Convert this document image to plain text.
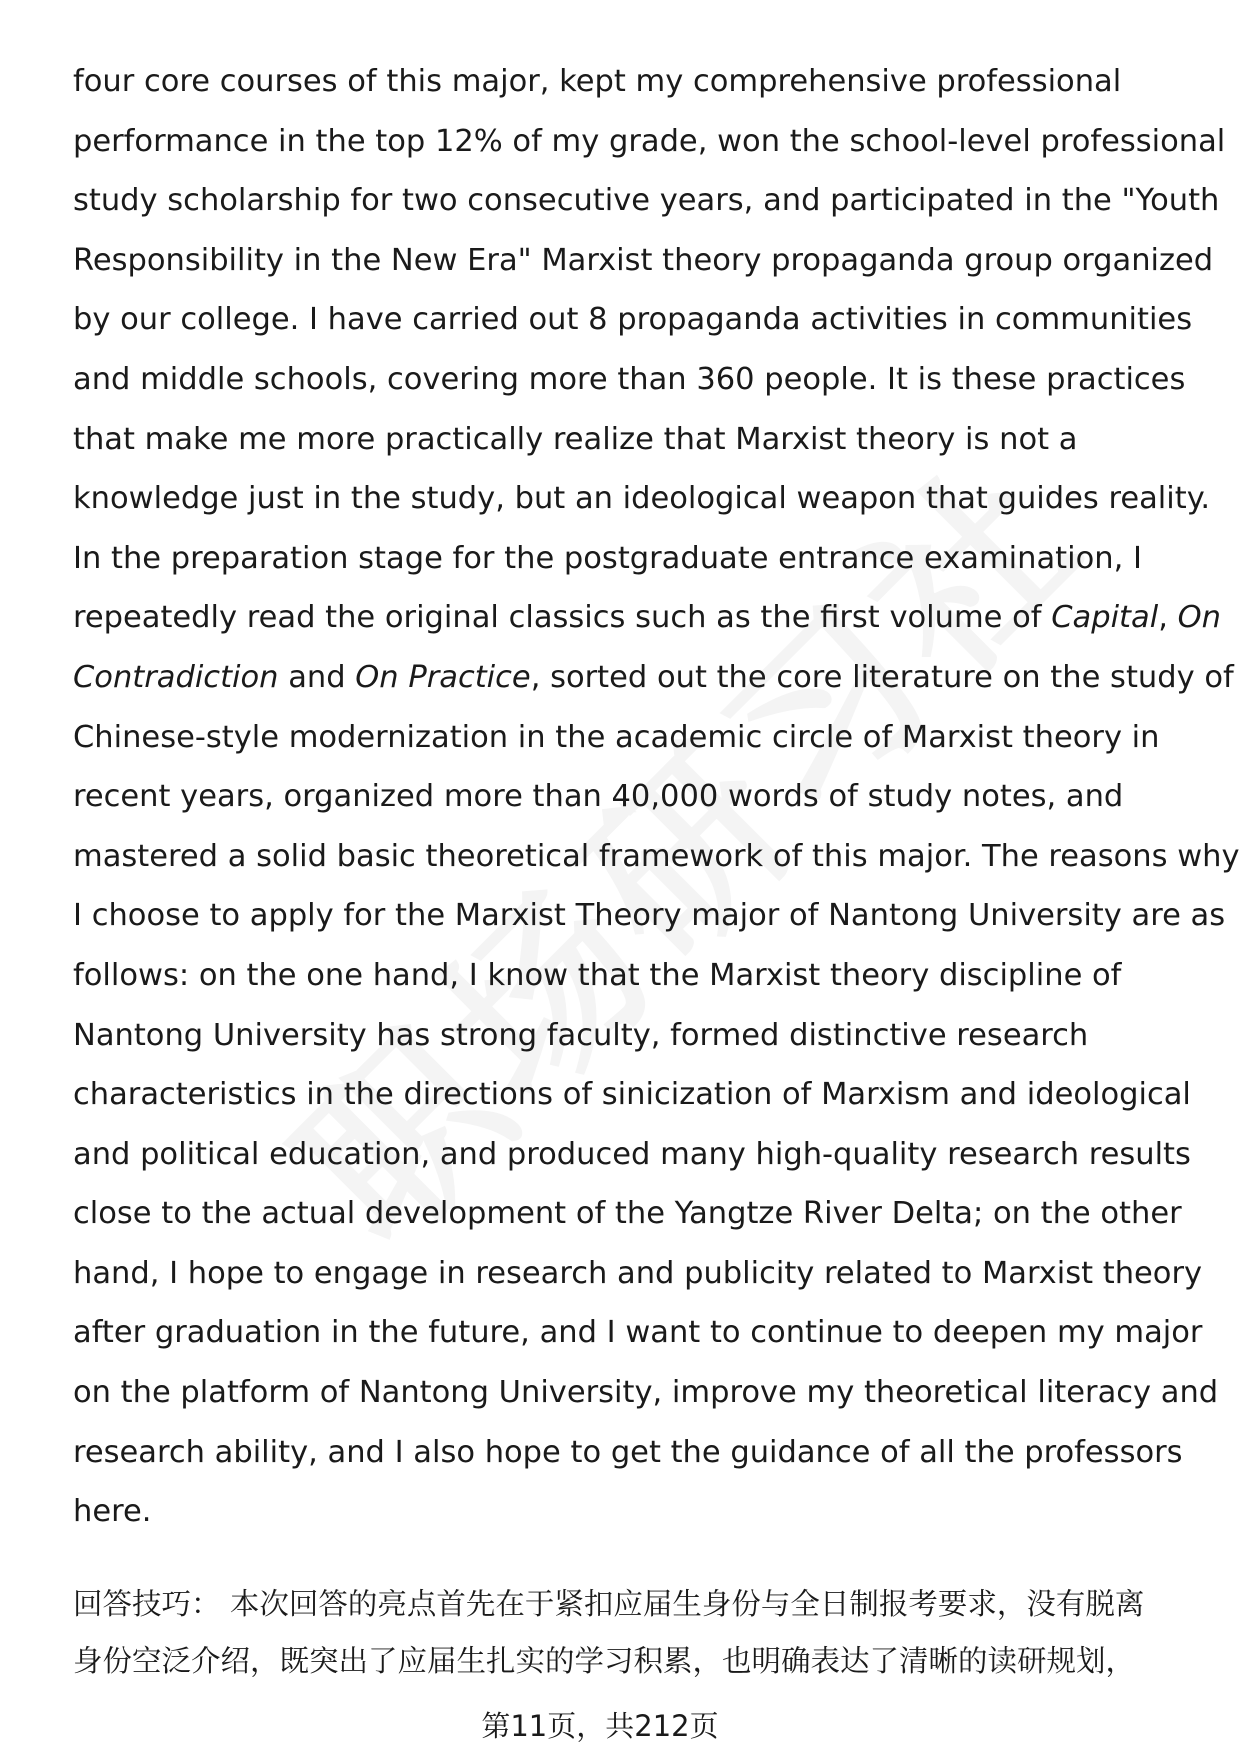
four core courses of this major, kept my comprehensive professional
performance in the top 12% of my grade, won the school-level professional
study scholarship for two consecutive years, and participated in the "Youth
Responsibility in the New Era" Marxist theory propaganda group organized
by our college. I have carried out 8 propaganda activities in communities
and middle schools, covering more than 360 people. It is these practices
that make me more practically realize that Marxist theory is not a
knowledge just in the study, but an ideological weapon that guides reality.
In the preparation stage for the postgraduate entrance examination, I
repeatedly read the original classics such as the first volume of Capital, On
Contradiction and On Practice, sorted out the core literature on the study of
Chinese-style modernization in the academic circle of Marxist theory in
recent years, organized more than 40,000 words of study notes, and
mastered a solid basic theoretical framework of this major. The reasons why
I choose to apply for the Marxist Theory major of Nantong University are as
follows: on the one hand, I know that the Marxist theory discipline of
Nantong University has strong faculty, formed distinctive research
characteristics in the directions of sinicization of Marxism and ideological
and political education, and produced many high-quality research results
close to the actual development of the Yangtze River Delta; on the other
hand, I hope to engage in research and publicity related to Marxist theory
after graduation in the future, and I want to continue to deepen my major
on the platform of Nantong University, improve my theoretical literacy and
research ability, and I also hope to get the guidance of all the professors
here.
回答技巧： 本次回答的亮点首先在于紧扣应届生身份与全日制报考要求，没有脱离
身份空泛介绍，既突出了应届生扎实的学习积累，也明确表达了清晰的读研规划，
第11页，共212页
